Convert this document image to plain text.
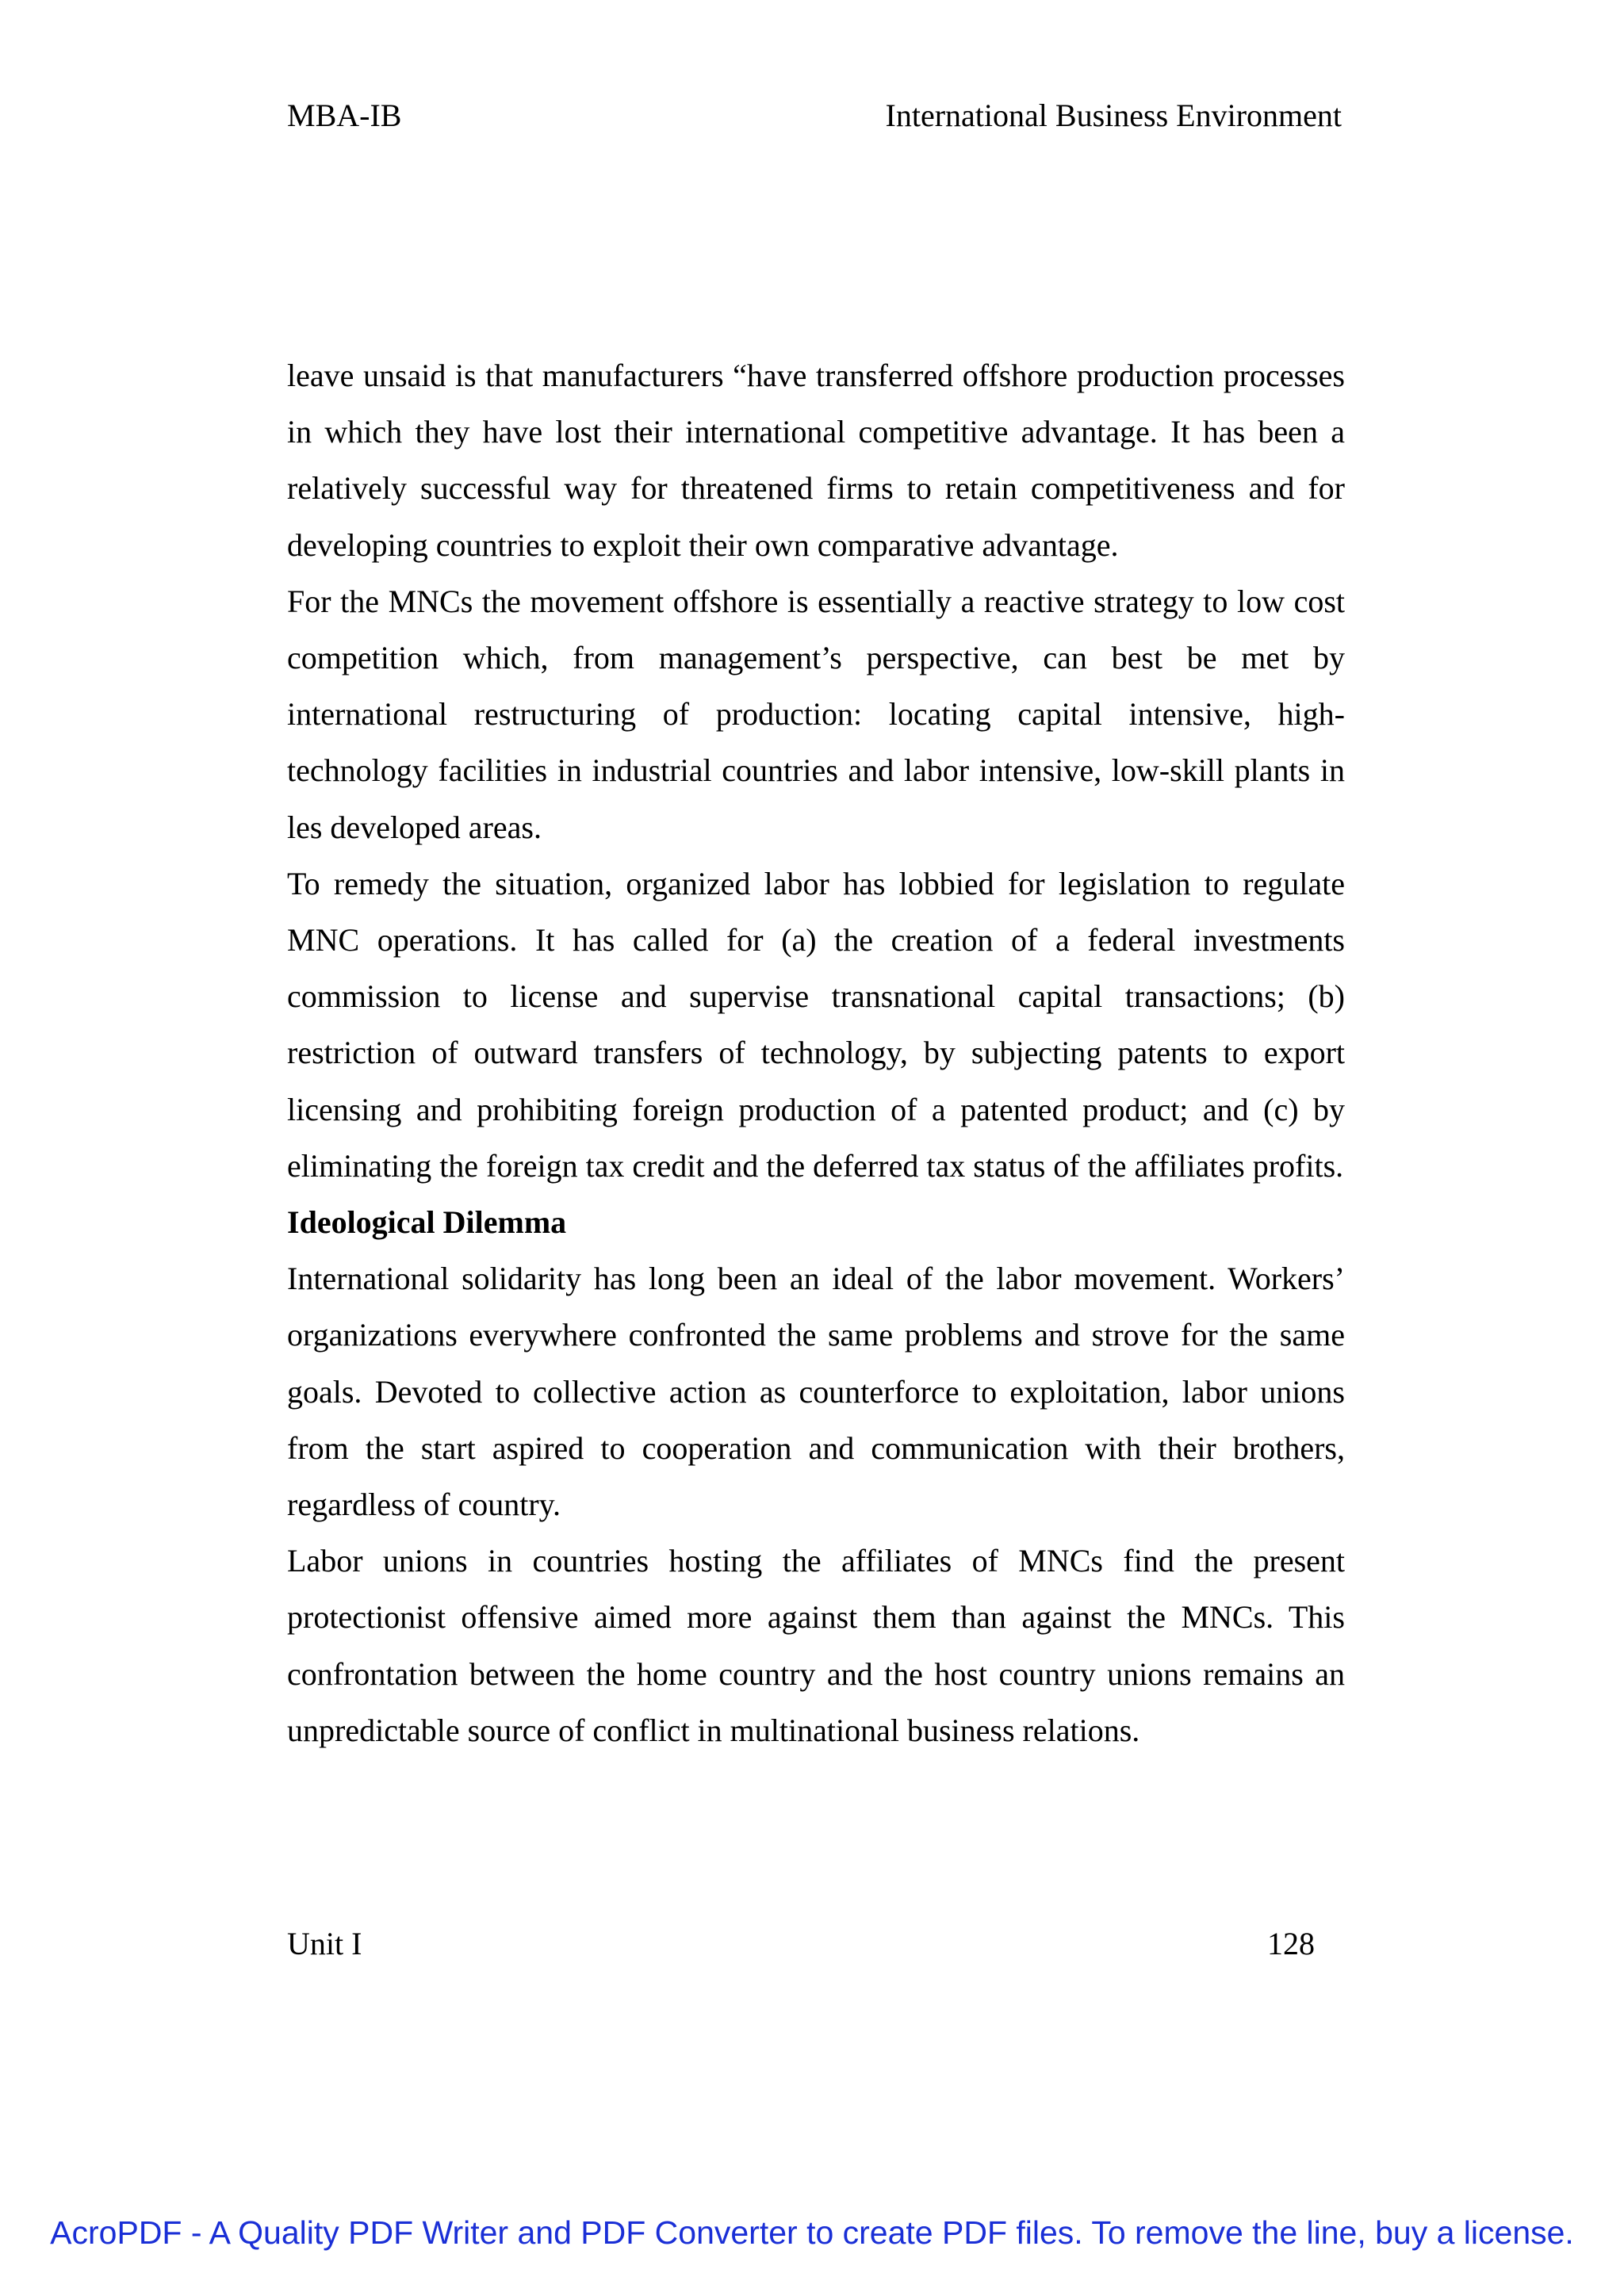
MBA-IB	International Business Environment

leave unsaid is that manufacturers “have transferred offshore production processes in which they have lost their international competitive advantage. It has been a relatively successful way for threatened firms to retain competitiveness and for developing countries to exploit their own comparative advantage.

For the MNCs the movement offshore is essentially a reactive strategy to low cost competition which, from management’s perspective, can best be met by international restructuring of production: locating capital intensive, high-technology facilities in industrial countries and labor intensive, low-skill plants in les developed areas.

To remedy the situation, organized labor has lobbied for legislation to regulate MNC operations. It has called for (a) the creation of a federal investments commission to license and supervise transnational capital transactions; (b) restriction of outward transfers of technology, by subjecting patents to export licensing and prohibiting foreign production of a patented product; and (c) by eliminating the foreign tax credit and the deferred tax status of the affiliates profits.

Ideological Dilemma

International solidarity has long been an ideal of the labor movement. Workers’ organizations everywhere confronted the same problems and strove for the same goals. Devoted to collective action as counterforce to exploitation, labor unions from the start aspired to cooperation and communication with their brothers, regardless of country.

Labor unions in countries hosting the affiliates of MNCs find the present protectionist offensive aimed more against them than against the MNCs. This confrontation between the home country and the host country unions remains an unpredictable source of conflict in multinational business relations.

Unit I	128
AcroPDF - A Quality PDF Writer and PDF Converter to create PDF files. To remove the line, buy a license.
